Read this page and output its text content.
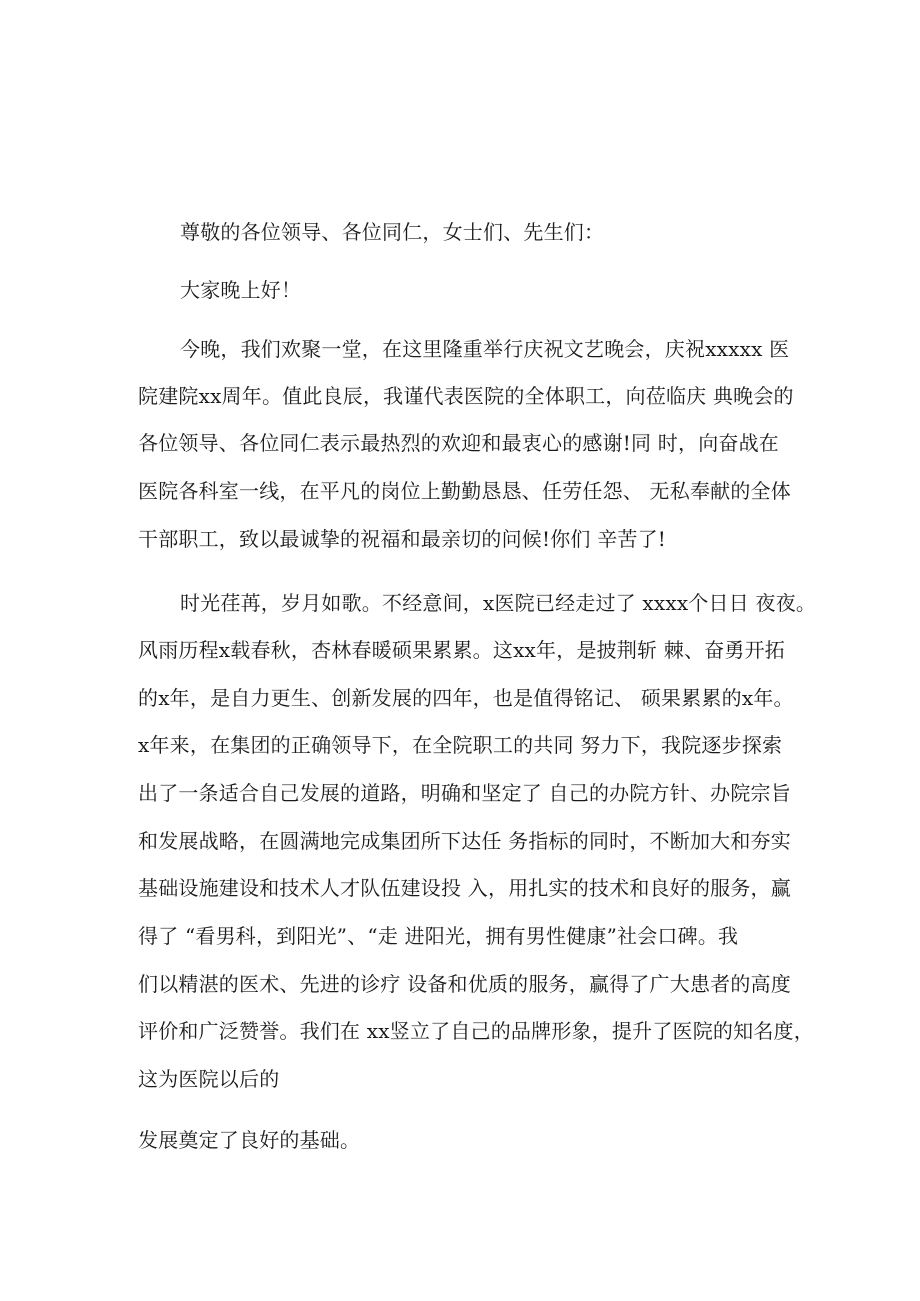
尊敬的各位领导、各位同仁，女士们、先生们：
大家晚上好！
今晚，我们欢聚一堂，在这里隆重举行庆祝文艺晚会，庆祝xxxxx 医
院建院xx周年。值此良辰，我谨代表医院的全体职工，向莅临庆 典晚会的
各位领导、各位同仁表示最热烈的欢迎和最衷心的感谢!同 时，向奋战在
医院各科室一线，在平凡的岗位上勤勤恳恳、任劳任怨、 无私奉献的全体
干部职工，致以最诚挚的祝福和最亲切的问候!你们 辛苦了!
时光荏苒，岁月如歌。不经意间，x医院已经走过了 xxxx个日日 夜夜。
风雨历程x载春秋，杏林春暖硕果累累。这xx年，是披荆斩 棘、奋勇开拓
的x年，是自力更生、创新发展的四年，也是值得铭记、 硕果累累的x年。
x年来，在集团的正确领导下，在全院职工的共同 努力下，我院逐步探索
出了一条适合自己发展的道路，明确和坚定了 自己的办院方针、办院宗旨
和发展战略，在圆满地完成集团所下达任 务指标的同时，不断加大和夯实
基础设施建设和技术人才队伍建设投 入，用扎实的技术和良好的服务，赢
得了 “看男科，到阳光”、“走 进阳光，拥有男性健康”社会口碑。我
们以精湛的医术、先进的诊疗 设备和优质的服务，赢得了广大患者的高度
评价和广泛赞誉。我们在 xx竖立了自己的品牌形象，提升了医院的知名度，
这为医院以后的
发展奠定了良好的基础。
